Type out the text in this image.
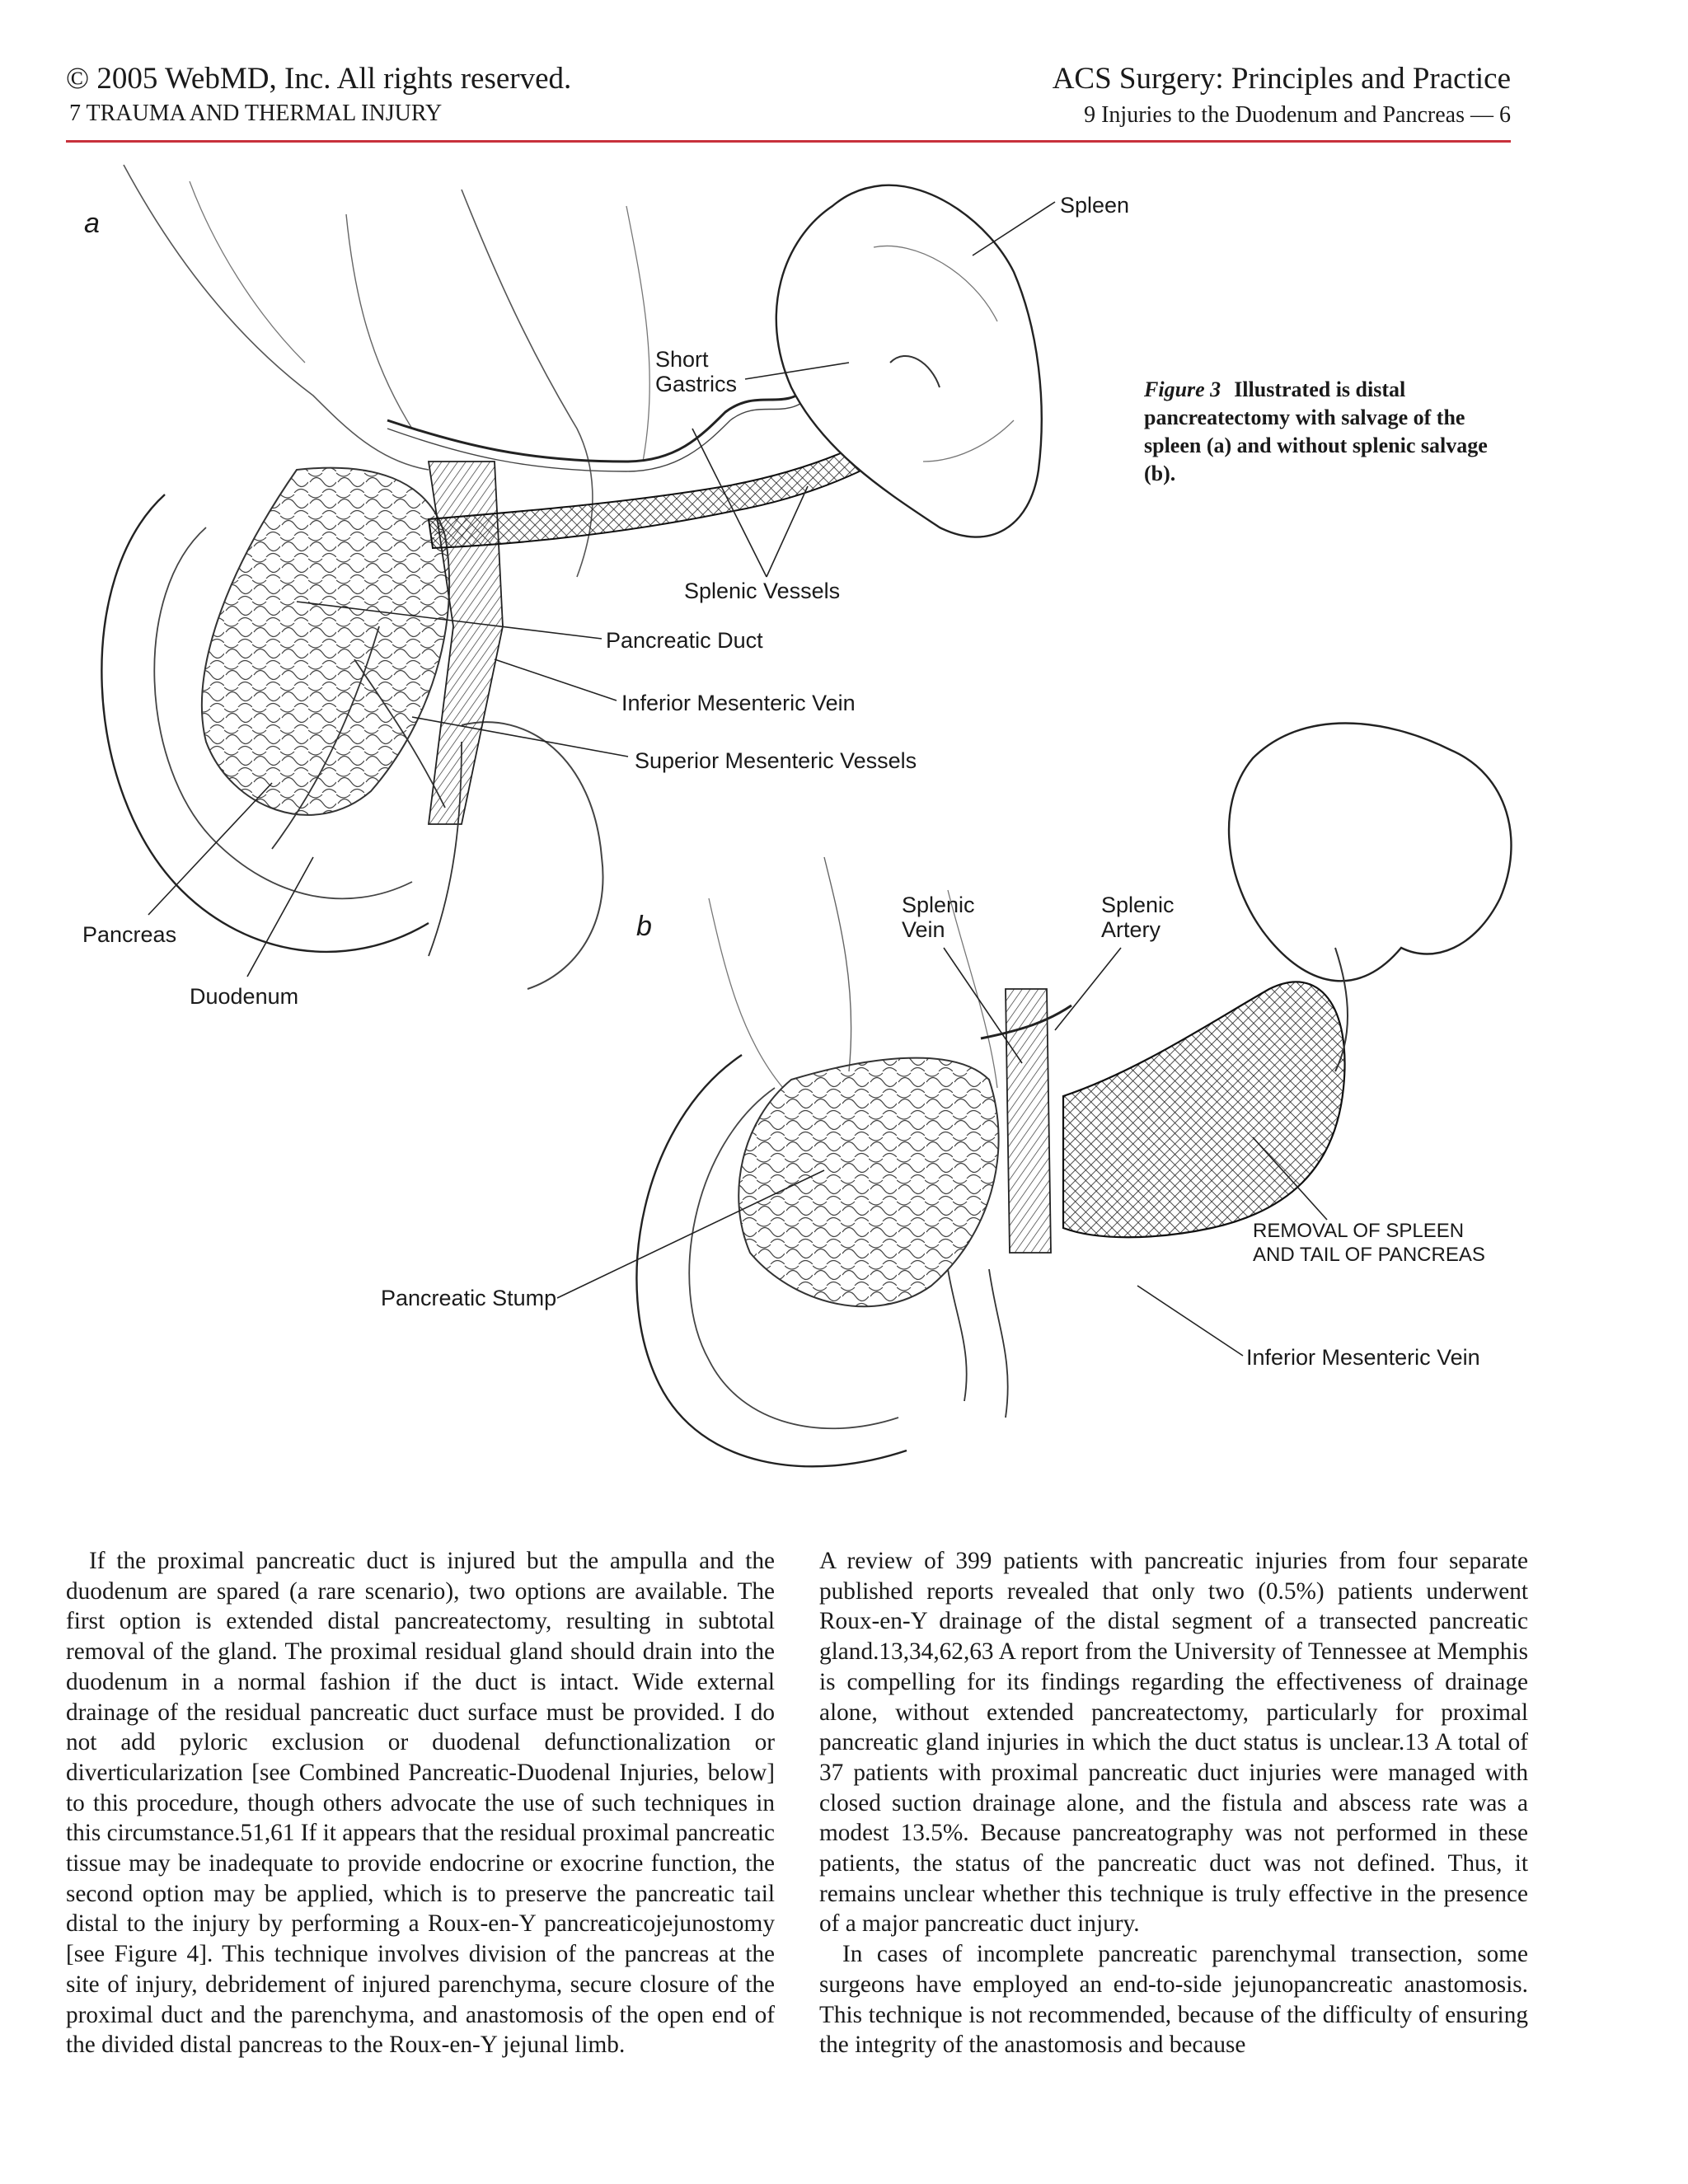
© 2005 WebMD, Inc. All rights reserved.
7 TRAUMA AND THERMAL INJURY
ACS Surgery: Principles and Practice
9 Injuries to the Duodenum and Pancreas — 6
a
Spleen
Short
Gastrics
Splenic Vessels
Pancreatic Duct
Inferior Mesenteric Vein
Superior Mesenteric Vessels
Pancreas
Duodenum
b
Splenic
Vein
Splenic
Artery
REMOVAL OF SPLEEN
AND TAIL OF PANCREAS
Pancreatic Stump
Inferior Mesenteric Vein
Figure 3 Illustrated is distal pancreatectomy with salvage of the spleen (a) and without splenic salvage (b).

If the proximal pancreatic duct is injured but the ampulla and the duodenum are spared (a rare scenario), two options are available. The first option is extended distal pancreatectomy, resulting in subtotal removal of the gland. The proximal residual gland should drain into the duodenum in a normal fashion if the duct is intact. Wide external drainage of the residual pancreatic duct surface must be provided. I do not add pyloric exclusion or duodenal defunctionalization or diverticularization [see Combined Pancreatic-Duodenal Injuries, below] to this procedure, though others advocate the use of such techniques in this circumstance.51,61 If it appears that the residual proximal pancreatic tissue may be inadequate to provide endocrine or exocrine function, the second option may be applied, which is to preserve the pancreatic tail distal to the injury by performing a Roux-en-Y pancreaticojejunostomy [see Figure 4]. This technique involves division of the pancreas at the site of injury, debridement of injured parenchyma, secure closure of the proximal duct and the parenchyma, and anastomosis of the open end of the divided distal pancreas to the Roux-en-Y jejunal limb.

A review of 399 patients with pancreatic injuries from four separate published reports revealed that only two (0.5%) patients underwent Roux-en-Y drainage of the distal segment of a transected pancreatic gland.13,34,62,63 A report from the University of Tennessee at Memphis is compelling for its findings regarding the effectiveness of drainage alone, without extended pancreatectomy, particularly for proximal pancreatic gland injuries in which the duct status is unclear.13 A total of 37 patients with proximal pancreatic duct injuries were managed with closed suction drainage alone, and the fistula and abscess rate was a modest 13.5%. Because pancreatography was not performed in these patients, the status of the pancreatic duct was not defined. Thus, it remains unclear whether this technique is truly effective in the presence of a major pancreatic duct injury.

In cases of incomplete pancreatic parenchymal transection, some surgeons have employed an end-to-side jejunopancreatic anastomosis. This technique is not recommended, because of the difficulty of ensuring the integrity of the anastomosis and because
